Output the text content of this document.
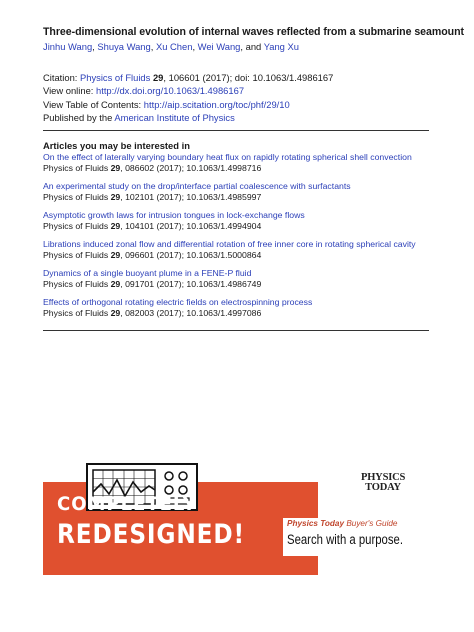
Three-dimensional evolution of internal waves reflected from a submarine seamount
Jinhu Wang, Shuya Wang, Xu Chen, Wei Wang, and Yang Xu
Citation: Physics of Fluids 29, 106601 (2017); doi: 10.1063/1.4986167
View online: http://dx.doi.org/10.1063/1.4986167
View Table of Contents: http://aip.scitation.org/toc/phf/29/10
Published by the American Institute of Physics
Articles you may be interested in
On the effect of laterally varying boundary heat flux on rapidly rotating spherical shell convection
Physics of Fluids 29, 086602 (2017); 10.1063/1.4998716
An experimental study on the drop/interface partial coalescence with surfactants
Physics of Fluids 29, 102101 (2017); 10.1063/1.4985997
Asymptotic growth laws for intrusion tongues in lock-exchange flows
Physics of Fluids 29, 104101 (2017); 10.1063/1.4994904
Librations induced zonal flow and differential rotation of free inner core in rotating spherical cavity
Physics of Fluids 29, 096601 (2017); 10.1063/1.5000864
Dynamics of a single buoyant plume in a FENE-P fluid
Physics of Fluids 29, 091701 (2017); 10.1063/1.4986749
Effects of orthogonal rotating electric fields on electrospinning process
Physics of Fluids 29, 082003 (2017); 10.1063/1.4997086
COMPLETELY
REDESIGNED!	Physics Today Buyer's Guide
Search with a purpose.
PHYSICS
TODAY
